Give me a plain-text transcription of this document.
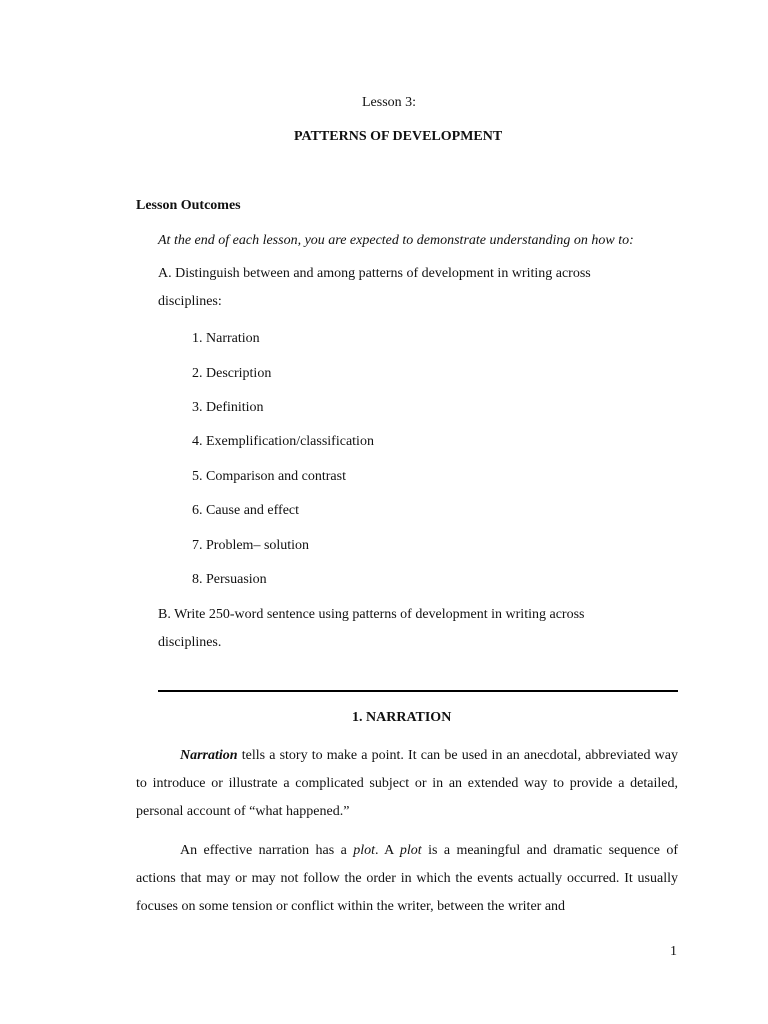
Lesson 3:
PATTERNS OF DEVELOPMENT
Lesson Outcomes
At the end of each lesson, you are expected to demonstrate understanding on how to:
A. Distinguish between and among patterns of development in writing across
disciplines:
1. Narration
2. Description
3. Definition
4. Exemplification/classification
5. Comparison and contrast
6. Cause and effect
7. Problem– solution
8. Persuasion
B. Write 250-word sentence using patterns of development in writing across
disciplines.
1. NARRATION

Narration tells a story to make a point. It can be used in an anecdotal, abbreviated way to introduce or illustrate a complicated subject or in an extended way to provide a detailed, personal account of “what happened.”

An effective narration has a plot. A plot is a meaningful and dramatic sequence of actions that may or may not follow the order in which the events actually occurred. It usually focuses on some tension or conflict within the writer, between the writer and

1
